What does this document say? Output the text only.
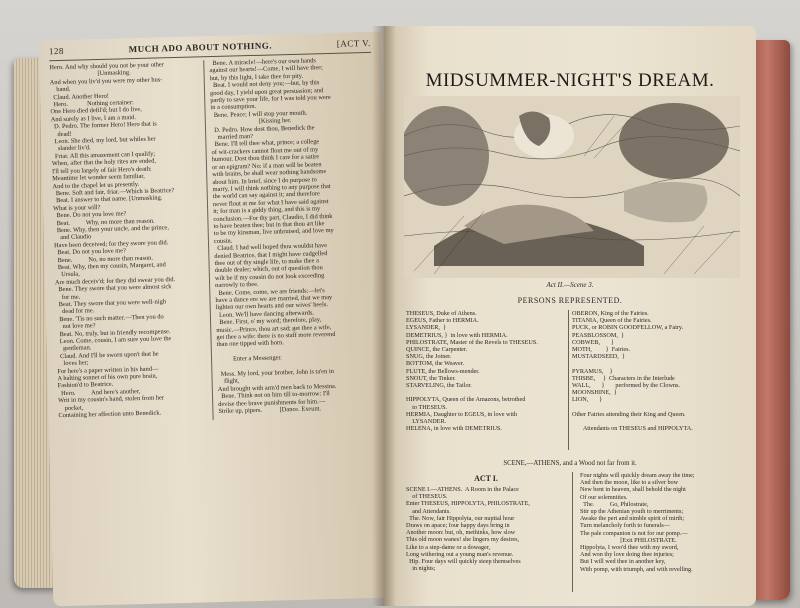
128	MUCH ADO ABOUT NOTHING.	[ACT V.
Hero. And why should you not be your other
[Unmasking.
And when you liv'd you were my other hus-
band.
Claud. Another Hero!
Hero.            Nothing certainer:
One Hero died defil'd; but I do live,
And surely as I live, I am a maid.
D. Pedro. The former Hero! Hero that is
dead!
Leon. She died, my lord, but whiles her
slander liv'd.
Friar. All this amazement can I qualify;
When, after that the holy rites are ended,
I'll tell you largely of fair Hero's death:
Meantime let wonder seem familiar,
And to the chapel let us presently.
Bene. Soft and fair, friar.—Which is Beatrice?
Beat. I answer to that name. [Unmasking.
What is your will?
Bene. Do not you love me?
Beat.          Why, no more than reason.
Bene. Why, then your uncle, and the prince,
and Claudio
Have been deceived; for they swore you did.
Beat. Do not you love me?
Bene.          No, no more than reason.
Beat. Why, then my cousin, Margaret, and
Ursula,
Are much deceiv'd; for they did swear you did.
Bene. They swore that you were almost sick
for me.
Beat. They swore that you were well-nigh
dead for me.
Bene. 'Tis no such matter.—Then you do
not love me?
Beat. No, truly, but in friendly recompense.
Leon. Come, cousin, I am sure you love the
gentleman.
Claud. And I'll be sworn upon't that he
loves her;
For here's a paper written in his hand—
A halting sonnet of his own pure brain,
Fashion'd to Beatrice.
Hero.          And here's another,
Writ in my cousin's hand, stolen from her
pocket,
Containing her affection unto Benedick.
Bene. A miracle!—here's our own hands
against our hearts!—Come, I will have thee;
but, by this light, I take thee for pity.
Beat. I would not deny you;—but, by this
good day, I yield upon great persuasion; and
partly to save your life, for I was told you were
in a consumption.
Bene. Peace; I will stop your mouth.
[Kissing her.
D. Pedro. How dost thou, Benedick the
married man?
Bene. I'll tell thee what, prince; a college
of wit-crackers cannot flout me out of my
humour. Dost thou think I care for a satire
or an epigram? No: if a man will be beaten
with brains, he shall wear nothing handsome
about him. In brief, since I do purpose to
marry, I will think nothing to any purpose that
the world can say against it; and therefore
never flout at me for what I have said against
it; for man is a giddy thing, and this is my
conclusion.—For thy part, Claudio, I did think
to have beaten thee; but in that thou art like
to be my kinsman, live unbruised, and love my
cousin.
Claud. I had well hoped thou wouldst have
denied Beatrice, that I might have cudgelled
thee out of thy single life, to make thee a
double dealer; which, out of question thou
wilt be if my cousin do not look exceeding
narrowly to thee.
Bene. Come, come, we are friends:—let's
have a dance ere we are married, that we may
lighten our own hearts and our wives' heels.
Leon. We'll have dancing afterwards.
Bene. First, o' my word; therefore, play,
music.—Prince, thou art sad; get thee a wife,
get thee a wife: there is no staff more reverend
than one tipped with horn.

Enter a Messenger.

Mess. My lord, your brother, John is ta'en in
flight,
And brought with arm'd men back to Messina.
Bene. Think not on him till to-morrow: I'll
devise thee brave punishments for him.—
Strike up, pipers.           [Dance. Exeunt.
MIDSUMMER-NIGHT'S DREAM.
Act II.—Scene 3.
PERSONS REPRESENTED.
THESEUS, Duke of Athens.
EGEUS, Father to HERMIA.
LYSANDER,  }
DEMETRIUS, }  in love with HERMIA.
PHILOSTRATE, Master of the Revels to THESEUS.
QUINCE, the Carpenter.
SNUG, the Joiner.
BOTTOM, the Weaver.
FLUTE, the Bellows-mender.
SNOUT, the Tinker.
STARVELING, the Tailor.

HIPPOLYTA, Queen of the Amazons, betrothed
to THESEUS.
HERMIA, Daughter to EGEUS, in love with
LYSANDER.
HELENA, in love with DEMETRIUS.
OBERON, King of the Fairies.
TITANIA, Queen of the Fairies.
PUCK, or ROBIN GOODFELLOW, a Fairy.
PEASBLOSSOM,  }
COBWEB,       }
MOTH,         }  Fairies.
MUSTARDSEED,  }

PYRAMUS,    }
THISBE,     }  Characters in the Interlude
WALL,       }       performed by the Clowns.
MOONSHINE,  }
LION,       }

Other Fairies attending their King and Queen.

Attendants on THESEUS and HIPPOLYTA.
SCENE,—ATHENS, and a Wood not far from it.
ACT I.
SCENE I.—ATHENS.  A Room in the Palace
of THESEUS.
Enter THESEUS, HIPPOLYTA, PHILOSTRATE,
and Attendants.
The. Now, fair Hippolyta, our nuptial hour
Draws on apace; four happy days bring in
Another moon: but, oh, methinks, how slow
This old moon wanes! she lingers my desires,
Like to a step-dame or a dowager,
Long withering out a young man's revenue.
Hip. Four days will quickly steep themselves
in nights;
Four nights will quickly dream away the time;
And then the moon, like to a silver bow
New bent in heaven, shall behold the night
Of our solemnities.
The.          Go, Philostrate,
Stir up the Athenian youth to merriments;
Awake the pert and nimble spirit of mirth;
Turn melancholy forth to funerals—
The pale companion is not for our pomp.—
[Exit PHILOSTRATE.
Hippolyta, I woo'd thee with my sword,
And won thy love doing thee injuries;
But I will wed thee in another key,
With pomp, with triumph, and with revelling.
